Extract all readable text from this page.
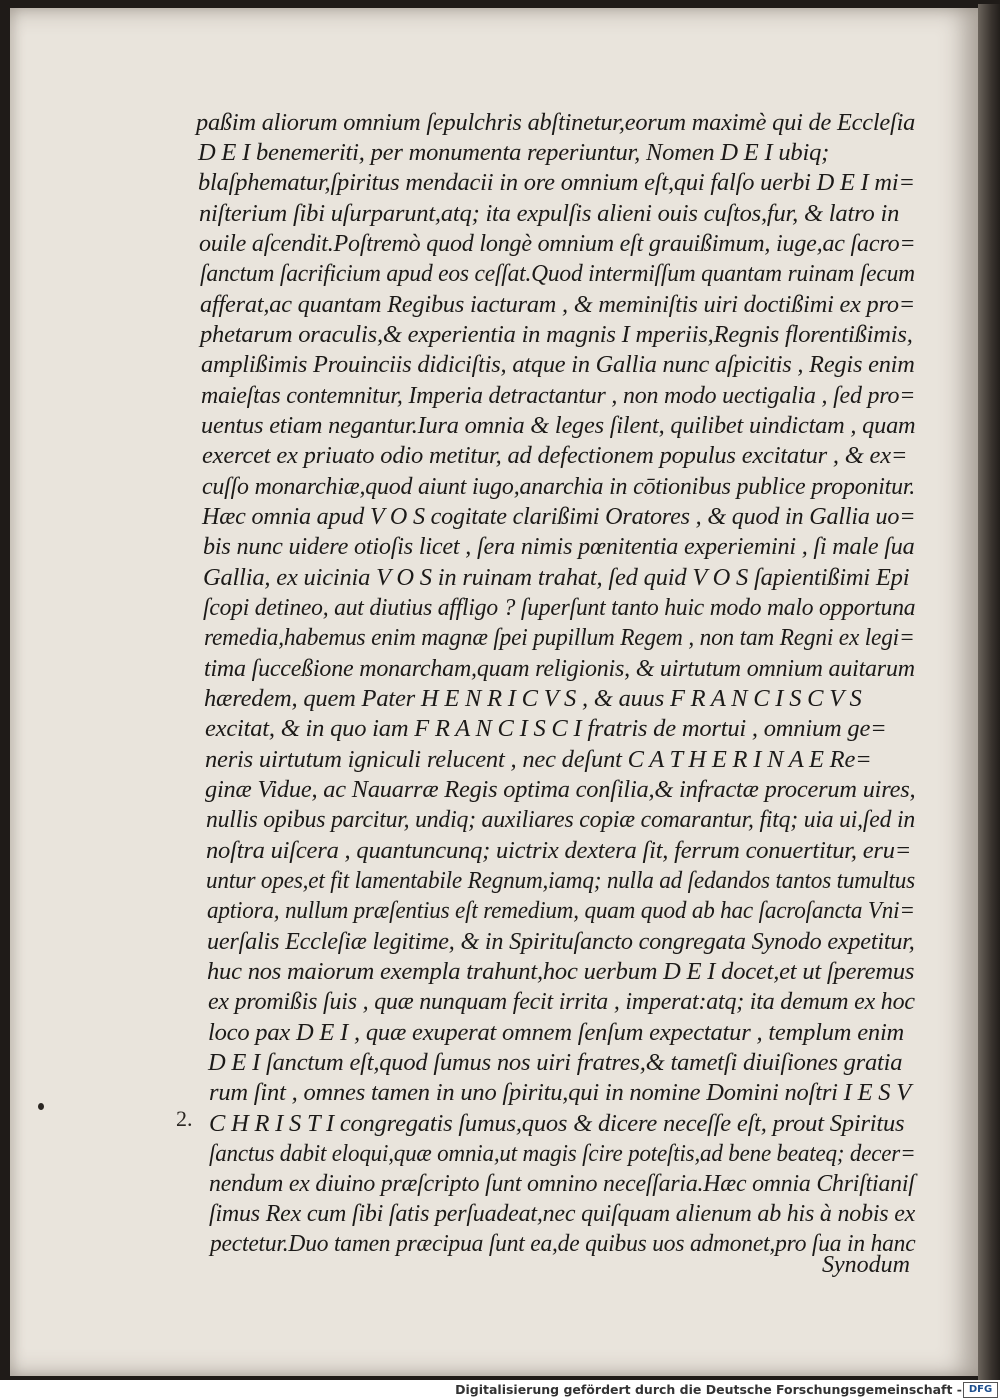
paßim aliorum omnium ſepulchris abſtinetur,eorum maximè qui de Eccleſia
D E I benemeriti, per monumenta reperiuntur, Nomen D E I ubiq;
blaſphematur,ſpiritus mendacii in ore omnium eſt,qui falſo uerbi D E I mi=
niſterium ſibi uſurparunt,atq; ita expulſis alieni ouis cuſtos,fur, & latro in
ouile aſcendit.Poſtremò quod longè omnium eſt grauißimum, iuge,ac ſacro=
ſanctum ſacrificium apud eos ceſſat.Quod intermiſſum quantam ruinam ſecum
afferat,ac quantam Regibus iacturam , & meminiſtis uiri doctißimi ex pro=
phetarum oraculis,& experientia in magnis I mperiis,Regnis florentißimis,
amplißimis Prouinciis didiciſtis, atque in Gallia nunc aſpicitis , Regis enim
maieſtas contemnitur, Imperia detractantur , non modo uectigalia , ſed pro=
uentus etiam negantur.Iura omnia & leges ſilent, quilibet uindictam , quam
exercet ex priuato odio metitur, ad defectionem populus excitatur , & ex=
cuſſo monarchiæ,quod aiunt iugo,anarchia in cōtionibus publice proponitur.
Hæc omnia apud V O S cogitate clarißimi Oratores , & quod in Gallia uo=
bis nunc uidere otioſis licet , ſera nimis pœnitentia experiemini , ſi male ſua
Gallia, ex uicinia V O S in ruinam trahat, ſed quid V O S ſapientißimi Epi
ſcopi detineo, aut diutius affligo ? ſuperſunt tanto huic modo malo opportuna
remedia,habemus enim magnæ ſpei pupillum Regem , non tam Regni ex legi=
tima ſucceßione monarcham,quam religionis, & uirtutum omnium auitarum
hæredem, quem Pater H E N R I C V S , & auus F R A N C I S C V S
excitat, & in quo iam F R A N C I S C I fratris de mortui , omnium ge=
neris uirtutum igniculi relucent , nec deſunt C A T H E R I N A E Re=
ginæ Vidue, ac Nauarræ Regis optima conſilia,& infractæ procerum uires,
nullis opibus parcitur, undiq; auxiliares copiæ comarantur, fitq; uia ui,ſed in
noſtra uiſcera , quantuncunq; uictrix dextera ſit, ferrum conuertitur, eru=
untur opes,et fit lamentabile Regnum,iamq; nulla ad ſedandos tantos tumultus
aptiora, nullum præſentius eſt remedium, quam quod ab hac ſacroſancta Vni=
uerſalis Eccleſiæ legitime, & in Spirituſancto congregata Synodo expetitur,
huc nos maiorum exempla trahunt,hoc uerbum D E I docet,et ut ſperemus
ex promißis ſuis , quæ nunquam fecit irrita , imperat:atq; ita demum ex hoc
loco pax D E I , quæ exuperat omnem ſenſum expectatur , templum enim
D E I ſanctum eſt,quod ſumus nos uiri fratres,& tametſi diuiſiones gratia
rum ſint , omnes tamen in uno ſpiritu,qui in nomine Domini noſtri I E S V
C H R I S T I congregatis ſumus,quos & dicere neceſſe eſt, prout Spiritus
ſanctus dabit eloqui,quæ omnia,ut magis ſcire poteſtis,ad bene beateq; decer=
nendum ex diuino præſcripto ſunt omnino neceſſaria.Hæc omnia Chriſtianiſ
ſimus Rex cum ſibi ſatis perſuadeat,nec quiſquam alienum ab his à nobis ex
pectetur.Duo tamen præcipua ſunt ea,de quibus uos admonet,pro ſua in hanc
Synodum
2.
Digitalisierung gefördert durch die Deutsche Forschungsgemeinschaft - DFG
